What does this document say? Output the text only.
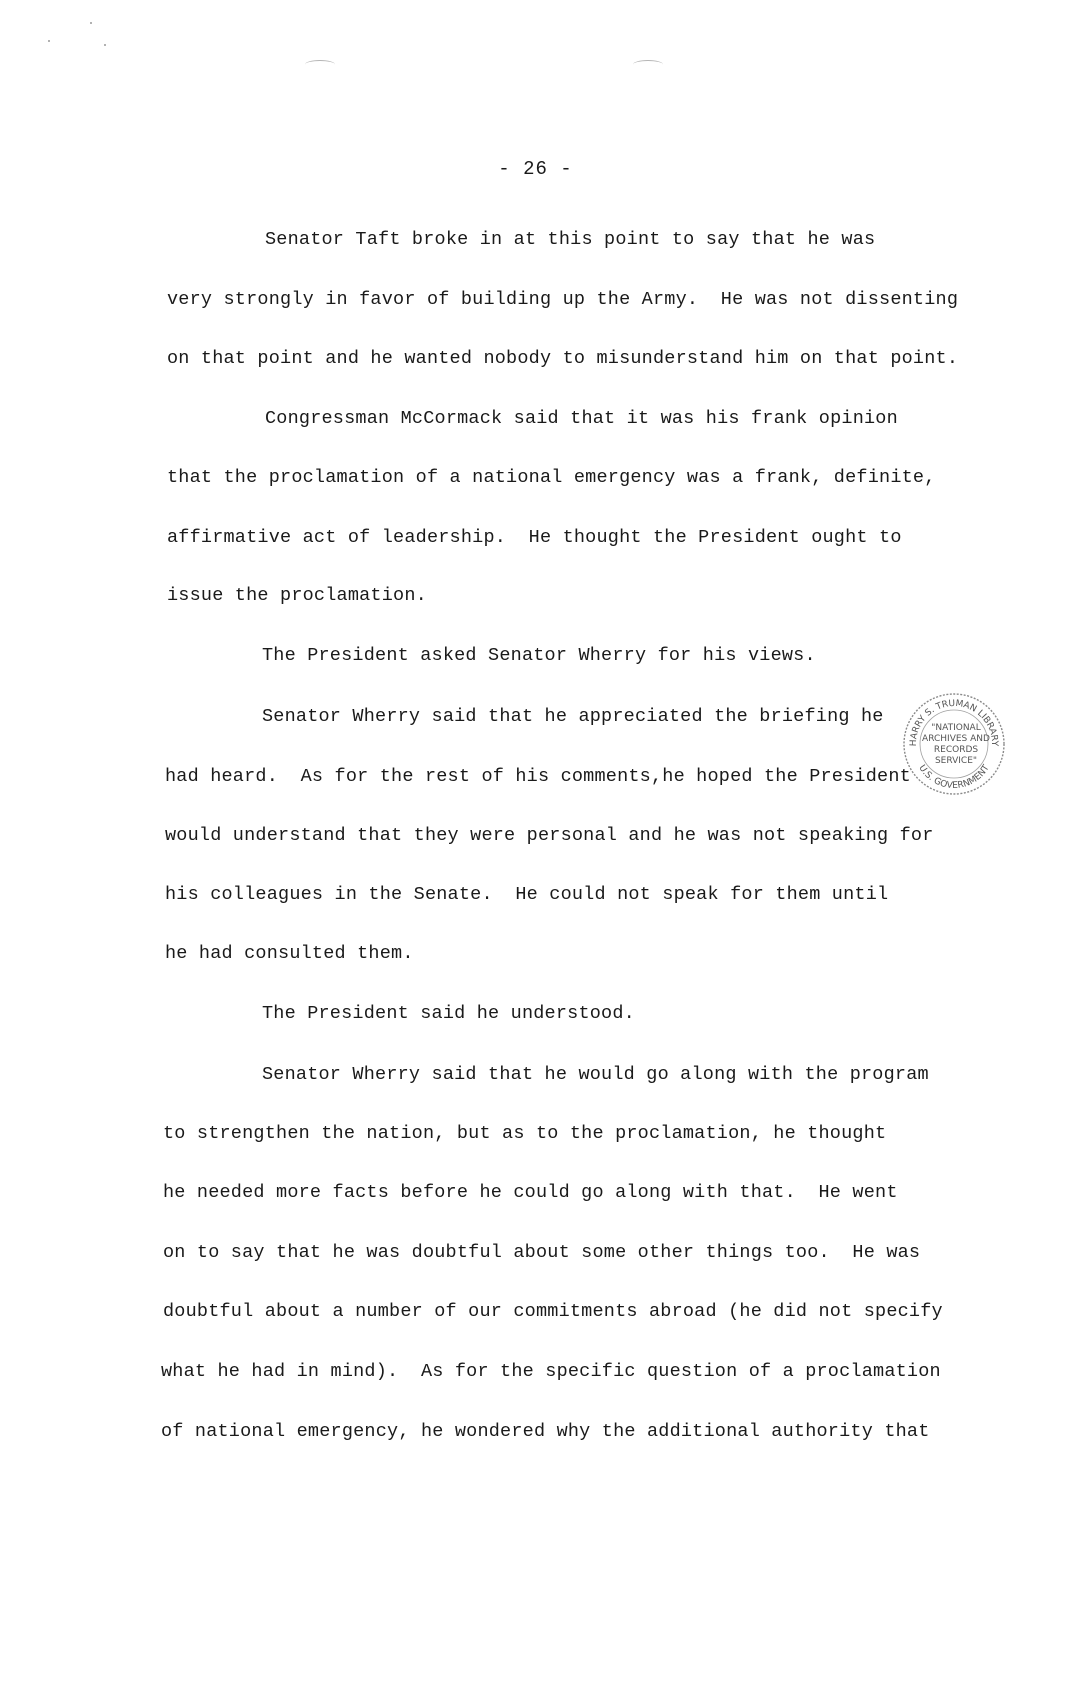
- 26 -
Senator Taft broke in at this point to say that he was
very strongly in favor of building up the Army.  He was not dissenting
on that point and he wanted nobody to misunderstand him on that point.
Congressman McCormack said that it was his frank opinion
that the proclamation of a national emergency was a frank, definite,
affirmative act of leadership.  He thought the President ought to
issue the proclamation.
The President asked Senator Wherry for his views.
Senator Wherry said that he appreciated the briefing he
had heard.  As for the rest of his comments,he hoped the President
would understand that they were personal and he was not speaking for
his colleagues in the Senate.  He could not speak for them until
he had consulted them.
The President said he understood.
Senator Wherry said that he would go along with the program
to strengthen the nation, but as to the proclamation, he thought
he needed more facts before he could go along with that.  He went
on to say that he was doubtful about some other things too.  He was
doubtful about a number of our commitments abroad (he did not specify
what he had in mind).  As for the specific question of a proclamation
of national emergency, he wondered why the additional authority that
HARRY S. TRUMAN LIBRARY
U.S. GOVERNMENT
"NATIONAL
ARCHIVES AND
RECORDS
SERVICE"
